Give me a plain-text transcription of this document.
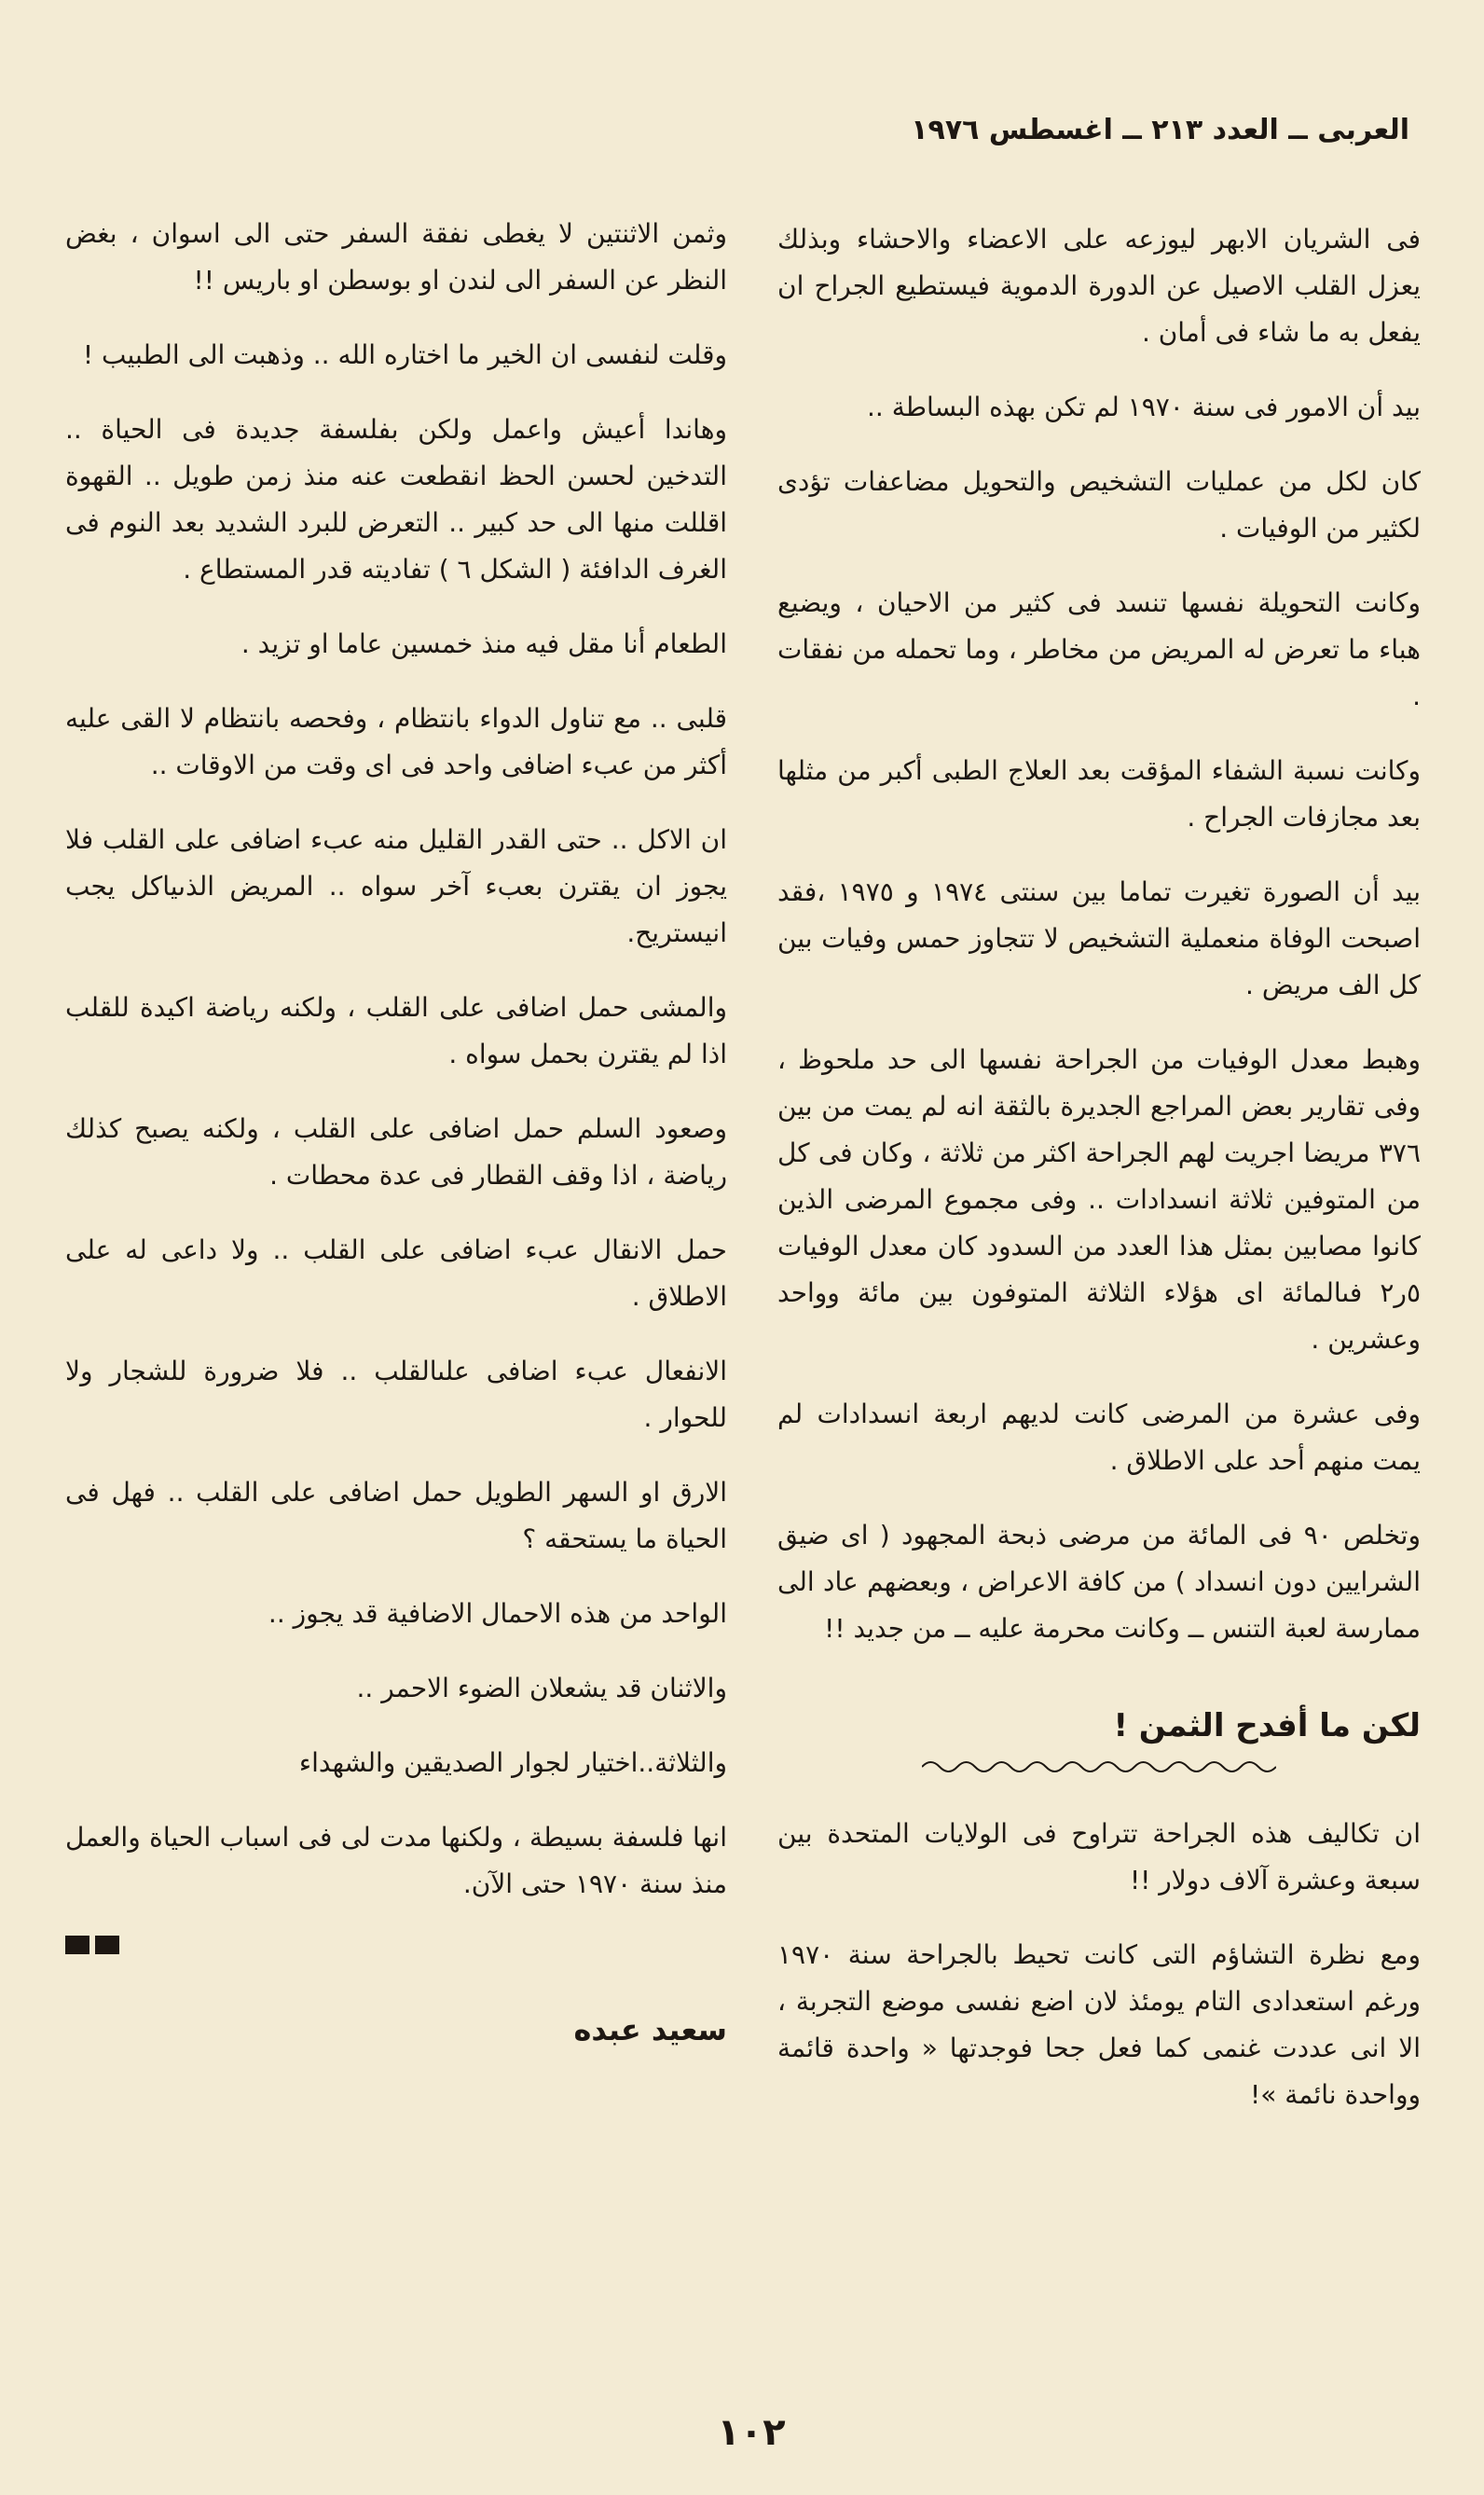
العربى ــ العدد ٢١٣ ــ اغسطس ١٩٧٦

فى الشريان الابهر ليوزعه على الاعضاء والاحشاء وبذلك يعزل القلب الاصيل عن الدورة الدموية فيستطيع الجراح ان يفعل به ما شاء فى أمان .

بيد أن الامور فى سنة ١٩٧٠ لم تكن بهذه البساطة ..

كان لكل من عمليات التشخيص والتحويل مضاعفات تؤدى لكثير من الوفيات .

وكانت التحويلة نفسها تنسد فى كثير من الاحيان ، ويضيع هباء ما تعرض له المريض من مخاطر ، وما تحمله من نفقات .

وكانت نسبة الشفاء المؤقت بعد العلاج الطبى أكبر من مثلها بعد مجازفات الجراح .

بيد أن الصورة تغيرت تماما بين سنتى ١٩٧٤ و ١٩٧٥ ،فقد اصبحت الوفاة منعملية التشخيص لا تتجاوز حمس وفيات بين كل الف مريض .

وهبط معدل الوفيات من الجراحة نفسها الى حد ملحوظ ، وفى تقارير بعض المراجع الجديرة بالثقة انه لم يمت من بين ٣٧٦ مريضا اجريت لهم الجراحة اكثر من ثلاثة ، وكان فى كل من المتوفين ثلاثة انسدادات .. وفى مجموع المرضى الذين كانوا مصابين بمثل هذا العدد من السدود كان معدل الوفيات ٥ر٢ فىالمائة اى هؤلاء الثلاثة المتوفون بين مائة وواحد وعشرين .

وفى عشرة من المرضى كانت لديهم اربعة انسدادات لم يمت منهم أحد على الاطلاق .

وتخلص ٩٠ فى المائة من مرضى ذبحة المجهود ( اى ضيق الشرايين دون انسداد ) من كافة الاعراض ، وبعضهم عاد الى ممارسة لعبة التنس ــ وكانت محرمة عليه ــ من جديد !!

لكن ما أفدح الثمن !

ان تكاليف هذه الجراحة تتراوح فى الولايات المتحدة بين سبعة وعشرة آلاف دولار !!

ومع نظرة التشاؤم التى كانت تحيط بالجراحة سنة ١٩٧٠ ورغم استعدادى التام يومئذ لان اضع نفسى موضع التجربة ، الا انى عددت غنمى كما فعل جحا فوجدتها « واحدة قائمة وواحدة نائمة »!

وثمن الاثنتين لا يغطى نفقة السفر حتى الى اسوان ، بغض النظر عن السفر الى لندن او بوسطن او باريس !!

وقلت لنفسى ان الخير ما اختاره الله .. وذهبت الى الطبيب !

وهاندا أعيش واعمل ولكن بفلسفة جديدة فى الحياة .. التدخين لحسن الحظ انقطعت عنه منذ زمن طويل .. القهوة اقللت منها الى حد كبير .. التعرض للبرد الشديد بعد النوم فى الغرف الدافئة ( الشكل ٦ ) تفاديته قدر المستطاع .

الطعام أنا مقل فيه منذ خمسين عاما او تزيد .

قلبى .. مع تناول الدواء بانتظام ، وفحصه بانتظام لا القى عليه أكثر من عبء اضافى واحد فى اى وقت من الاوقات ..

ان الاكل .. حتى القدر القليل منه عبء اضافى على القلب فلا يجوز ان يقترن بعبء آخر سواه .. المريض الذىياكل يجب انيستريح.

والمشى حمل اضافى على القلب ، ولكنه رياضة اكيدة للقلب اذا لم يقترن بحمل سواه .

وصعود السلم حمل اضافى على القلب ، ولكنه يصبح كذلك رياضة ، اذا وقف القطار فى عدة محطات .

حمل الانقال عبء اضافى على القلب .. ولا داعى له على الاطلاق .

الانفعال عبء اضافى علىالقلب .. فلا ضرورة للشجار ولا للحوار .

الارق او السهر الطويل حمل اضافى على القلب .. فهل فى الحياة ما يستحقه ؟

الواحد من هذه الاحمال الاضافية قد يجوز ..

والاثنان قد يشعلان الضوء الاحمر ..

والثلاثة..اختيار لجوار الصديقين والشهداء

انها فلسفة بسيطة ، ولكنها مدت لى فى اسباب الحياة والعمل منذ سنة ١٩٧٠ حتى الآن.

سعيد عبده
١٠٢
